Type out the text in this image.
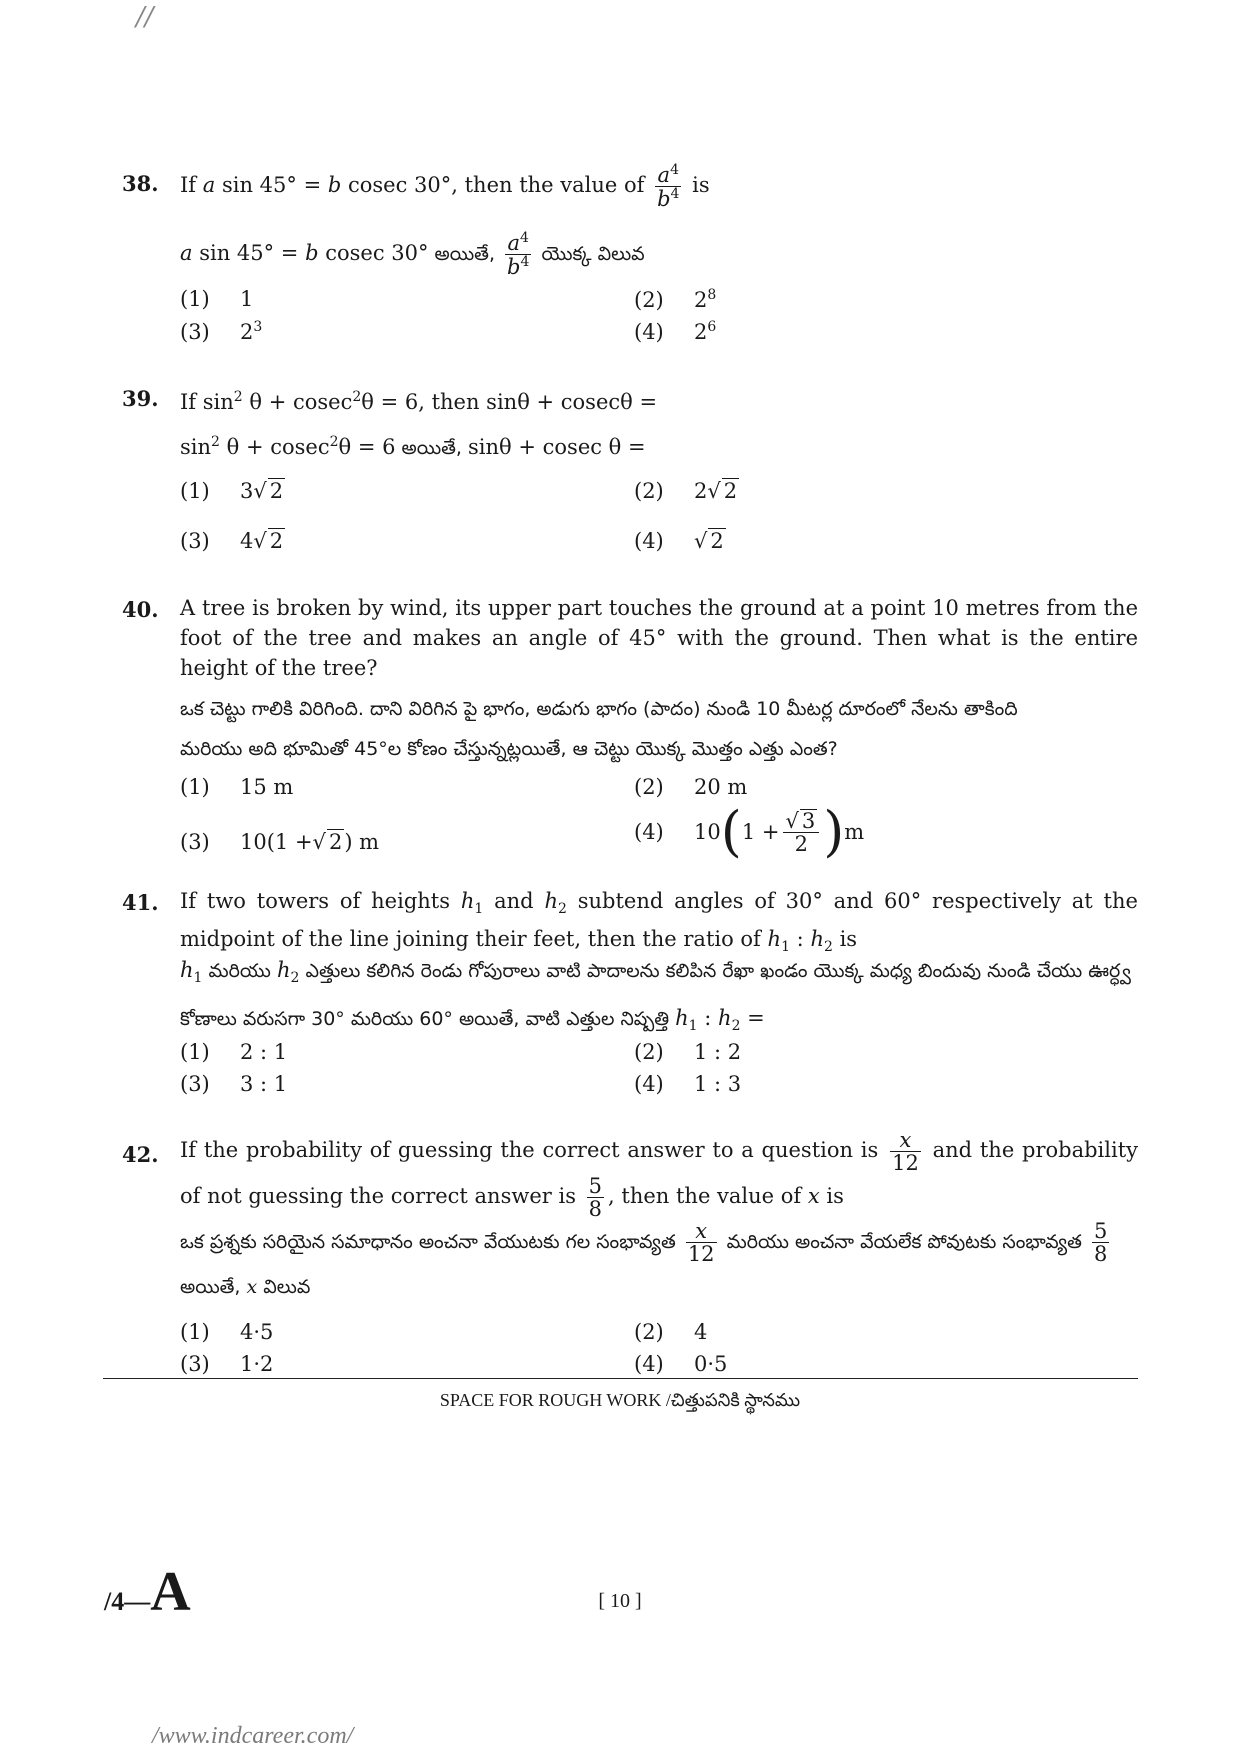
//
38. If a sin 45° = b cosec 30°, then the value of $\frac{a^4}{b^4}$ is
a sin 45° = b cosec 30° అయితే, $\frac{a^4}{b^4}$ యొక్క విలువ
(1) 1	(2) $2^8$
(3) $2^3$	(4) $2^6$
39. If $\sin^2 \theta + cosec^2\theta = 6$, then sinθ + cosecθ =
$\sin^2 \theta + cosec^2\theta = 6$ అయితే, sinθ + cosec θ =
(1) 3√ 2	(2) 2√ 2
(3) 4√ 2	(4) √ 2
40. A tree is broken by wind, its upper part touches the ground at a point 10 metres from the foot of the tree and makes an angle of 45° with the ground. Then what is the entire height of the tree?
ఒక చెట్టు గాలికి విరిగింది. దాని విరిగిన పై భాగం, అడుగు భాగం (పాదం) నుండి 10 మీటర్ల దూరంలో నేలను తాకింది
మరియు అది భూమితో 45°ల కోణం చేస్తున్నట్లయితే, ఆ చెట్టు యొక్క మొత్తం ఎత్తు ఎంత?
(1) 15 m	(2) 20 m
(3) 10(1 +√ 2) m	(4) $10(1 + \frac{√ 3}{2} )m$
41. If two towers of heights $h_1$ and $h_2$ subtend angles of 30° and 60° respectively at the midpoint of the line joining their feet, then the ratio of $h_1$ : $h_2$ is
$h_1$ మరియు $h_2$ ఎత్తులు కలిగిన రెండు గోపురాలు వాటి పాదాలను కలిపిన రేఖా ఖండం యొక్క మధ్య బిందువు నుండి చేయు ఊర్ధ్వ కోణాలు వరుసగా 30° మరియు 60° అయితే, వాటి ఎత్తుల నిష్పత్తి $h_1$ : $h_2$ =
(1) 2 : 1	(2) 1 : 2
(3) 3 : 1	(4) 1 : 3
42. If the probability of guessing the correct answer to a question is $\frac{x}{12}$ and the probability of not guessing the correct answer is $\frac{5}{8}$ , then the value of x is
ఒక ప్రశ్నకు సరియైన సమాధానం అంచనా వేయుటకు గల సంభావ్యత $\frac{x}{12}$ మరియు అంచనా వేయలేక పోవుటకు సంభావ్యత $\frac{5}{8}$
అయితే, x విలువ
(1) 4·5	(2) 4
(3) 1·2	(4) 0·5
SPACE FOR ROUGH WORK /చిత్తుపనికి స్థానము
/4—A	[ 10 ]
/www.indcareer.com/
